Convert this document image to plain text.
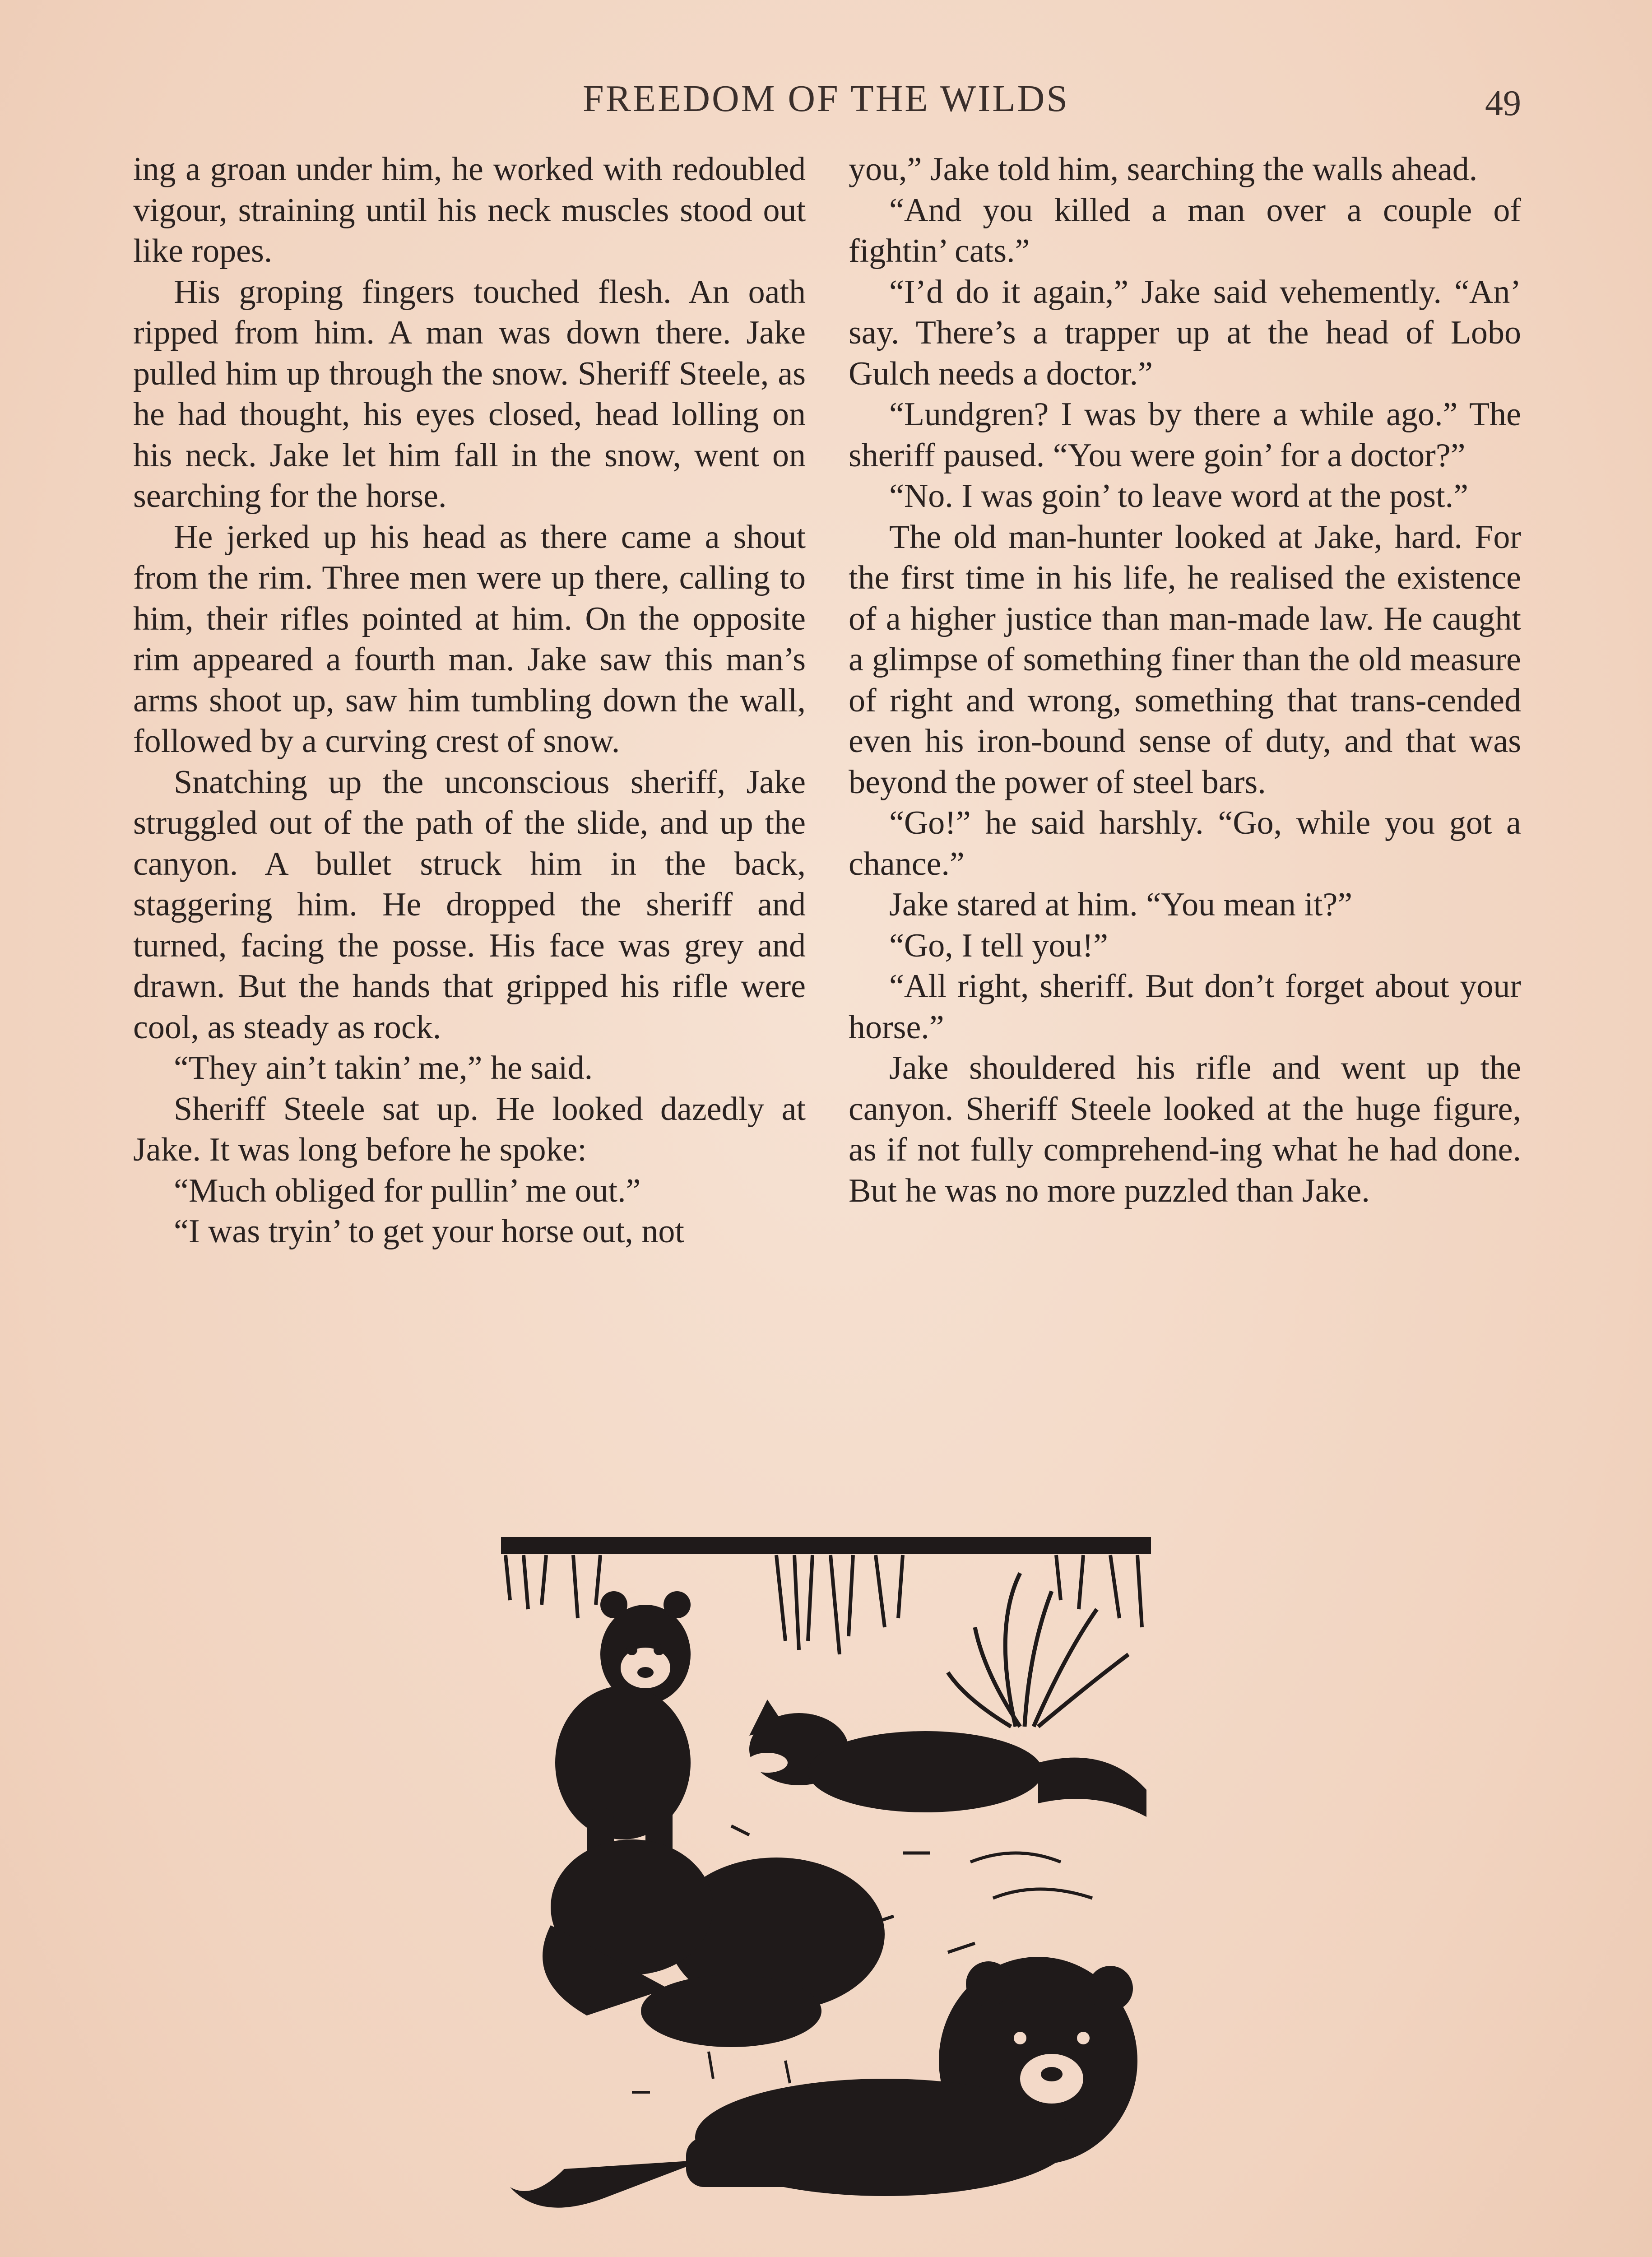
FREEDOM OF THE WILDS	49

ing a groan under him, he worked with redoubled vigour, straining until his neck muscles stood out like ropes.

His groping fingers touched flesh. An oath ripped from him. A man was down there. Jake pulled him up through the snow. Sheriff Steele, as he had thought, his eyes closed, head lolling on his neck. Jake let him fall in the snow, went on searching for the horse.

He jerked up his head as there came a shout from the rim. Three men were up there, calling to him, their rifles pointed at him. On the opposite rim appeared a fourth man. Jake saw this man’s arms shoot up, saw him tumbling down the wall, followed by a curving crest of snow.

Snatching up the unconscious sheriff, Jake struggled out of the path of the slide, and up the canyon. A bullet struck him in the back, staggering him. He dropped the sheriff and turned, facing the posse. His face was grey and drawn. But the hands that gripped his rifle were cool, as steady as rock.

“They ain’t takin’ me,” he said.

Sheriff Steele sat up. He looked dazedly at Jake. It was long before he spoke:

“Much obliged for pullin’ me out.”

“I was tryin’ to get your horse out, not

you,” Jake told him, searching the walls ahead.

“And you killed a man over a couple of fightin’ cats.”

“I’d do it again,” Jake said vehemently. “An’ say. There’s a trapper up at the head of Lobo Gulch needs a doctor.”

“Lundgren? I was by there a while ago.” The sheriff paused. “You were goin’ for a doctor?”

“No. I was goin’ to leave word at the post.”

The old man-hunter looked at Jake, hard. For the first time in his life, he realised the existence of a higher justice than man-made law. He caught a glimpse of something finer than the old measure of right and wrong, something that trans-cended even his iron-bound sense of duty, and that was beyond the power of steel bars.

“Go!” he said harshly. “Go, while you got a chance.”

Jake stared at him. “You mean it?”

“Go, I tell you!”

“All right, sheriff. But don’t forget about your horse.”

Jake shouldered his rifle and went up the canyon. Sheriff Steele looked at the huge figure, as if not fully comprehend-ing what he had done. But he was no more puzzled than Jake.
